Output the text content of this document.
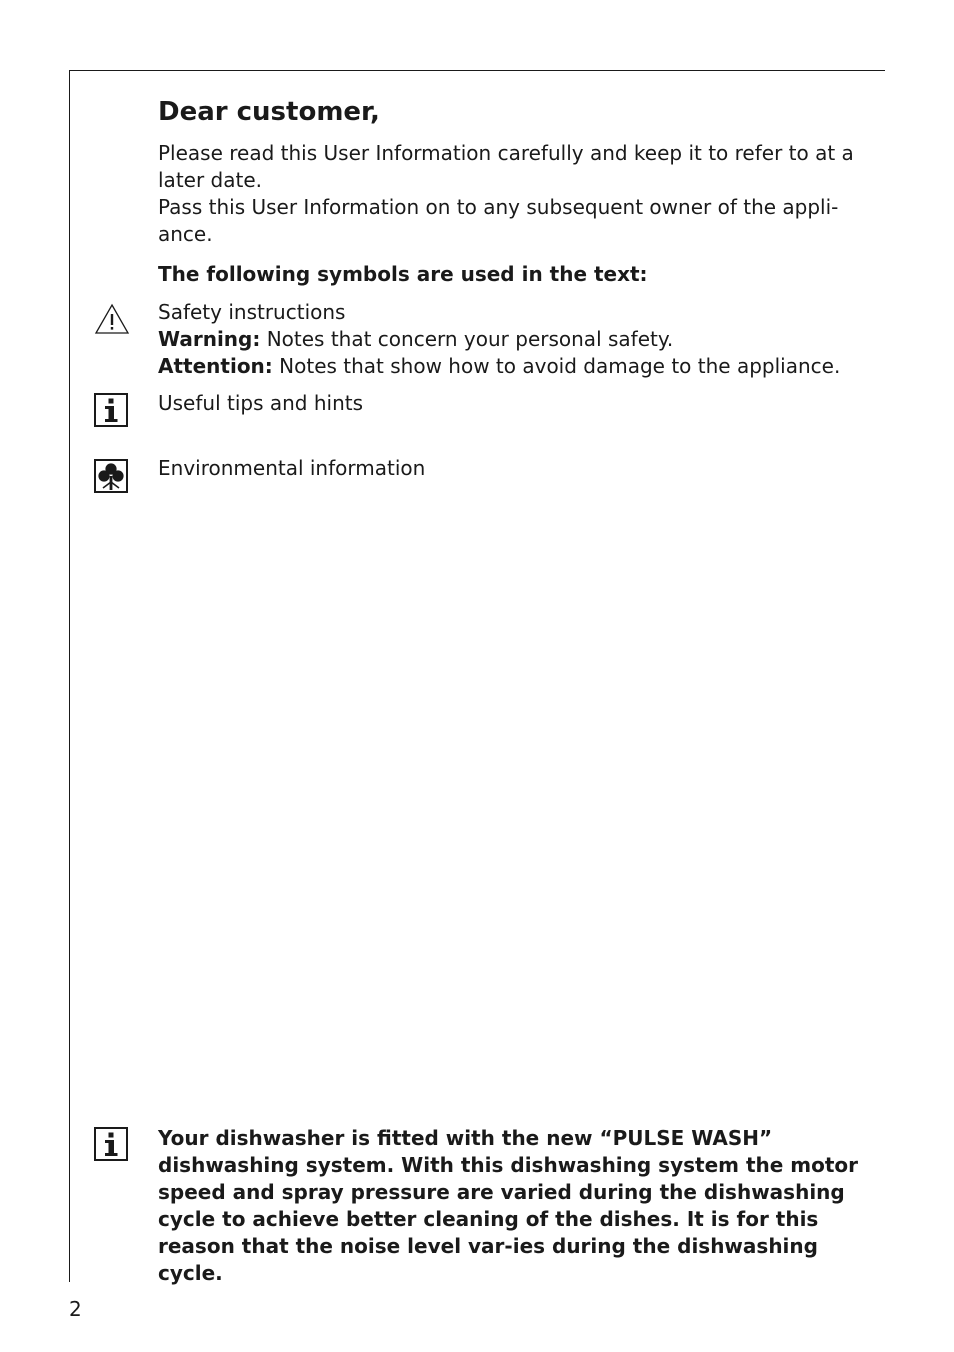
Dear customer,
Please read this User Information carefully and keep it to refer to at a later date.
Pass this User Information on to any subsequent owner of the appli-ance.
The following symbols are used in the text:
Safety instructions
Warning: Notes that concern your personal safety.
Attention: Notes that show how to avoid damage to the appliance.
Useful tips and hints
Environmental information
Your dishwasher is fitted with the new “PULSE WASH” dishwashing system. With this dishwashing system the motor speed and spray pressure are varied during the dishwashing cycle to achieve better cleaning of the dishes. It is for this reason that the noise level var-ies during the dishwashing cycle.
2
